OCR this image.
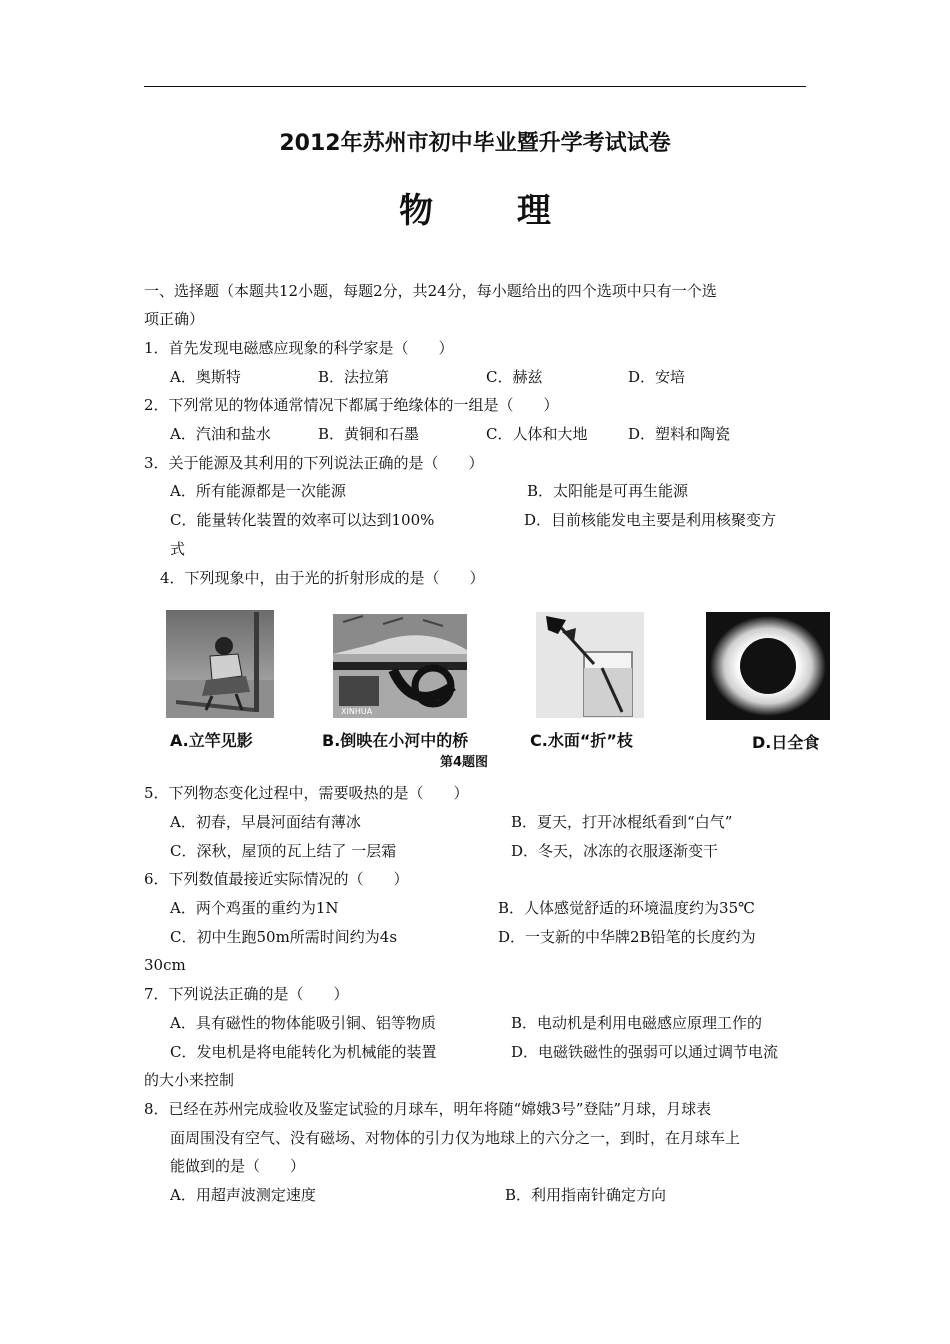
2012年苏州市初中毕业暨升学考试试卷
物 理
一、选择题（本题共12小题，每题2分，共24分，每小题给出的四个选项中只有一个选
项正确）
1．首先发现电磁感应现象的科学家是（　　）
A．奥斯特	B．法拉第	C．赫兹	D．安培
2．下列常见的物体通常情况下都属于绝缘体的一组是（　　）
A．汽油和盐水	B．黄铜和石墨	C．人体和大地	D．塑料和陶瓷
3．关于能源及其利用的下列说法正确的是（　　）
A．所有能源都是一次能源	B．太阳能是可再生能源
C．能量转化装置的效率可以达到100%	D．目前核能发电主要是利用核聚变方
式
4．下列现象中，由于光的折射形成的是（　　）
XINHUA
A.立竿见影	B.倒映在小河中的桥	C.水面“折”枝	D.日全食
第4题图
5．下列物态变化过程中，需要吸热的是（　　）
A．初春，早晨河面结有薄冰	B．夏天，打开冰棍纸看到“白气”
C．深秋，屋顶的瓦上结了 一层霜	D．冬天，冰冻的衣服逐渐变干
6．下列数值最接近实际情况的（　　）
A．两个鸡蛋的重约为1N	B．人体感觉舒适的环境温度约为35℃
C．初中生跑50m所需时间约为4s	D．一支新的中华牌2B铅笔的长度约为
30cm
7．下列说法正确的是（　　）
A．具有磁性的物体能吸引铜、铝等物质	B．电动机是利用电磁感应原理工作的
C．发电机是将电能转化为机械能的装置	D．电磁铁磁性的强弱可以通过调节电流
的大小来控制
8．已经在苏州完成验收及鉴定试验的月球车，明年将随“嫦娥3号”登陆”月球，月球表
面周围没有空气、没有磁场、对物体的引力仅为地球上的六分之一，到时，在月球车上
能做到的是（　　）
A．用超声波测定速度	B．利用指南针确定方向
